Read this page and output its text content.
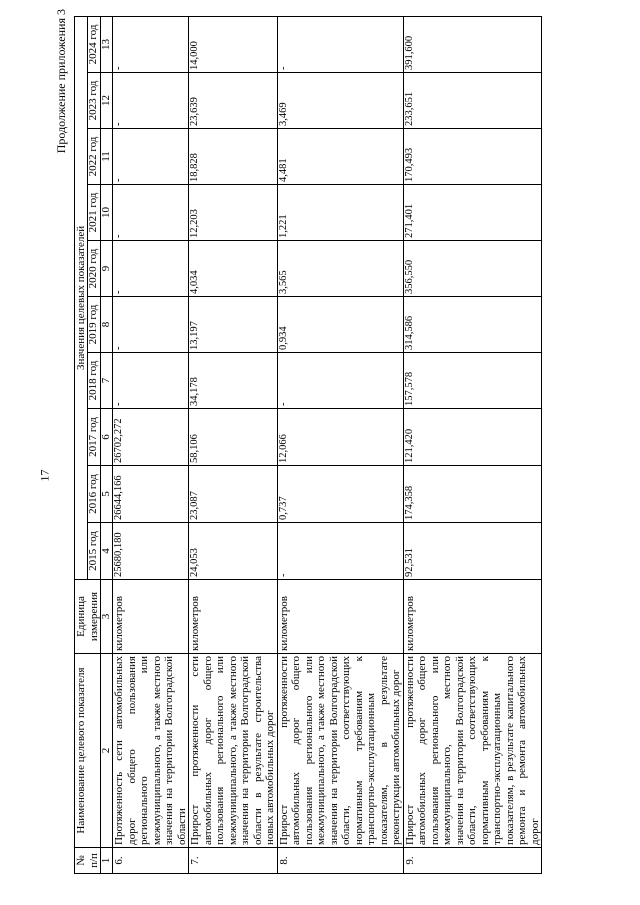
17
Продолжение приложения 3
№ п/п	Наименование целевого показателя	Единица измерения	Значения целевых показателей									
			2015 год	2016 год	2017 год	2018 год	2019 год	2020 год	2021 год	2022 год	2023 год	2024 год
1	2	3	4	5	6	7	8	9	10	11	12	13
6.	Протяженность сети автомобильных дорог общего пользования регионального или межмуниципального, а также местного значения на территории Волгоградской области	километров	25680,180	26644,166	26702,272	-	-	-	-	-	-	-
7.	Прирост протяженности сети автомобильных дорог общего пользования регионального или межмуниципального, а также местного значения на территории Волгоградской области в результате строительства новых автомобильных дорог	километров	24,053	23,087	58,106	34,178	13,197	4,034	12,203	18,828	23,639	14,000
8.	Прирост протяженности автомобильных дорог общего пользования регионального или межмуниципального, а также местного значения на территории Волгоградской области, соответствующих нормативным требованиям к транспортно-эксплуатационным показателям, в результате реконструкции автомобильных дорог	километров	-	0,737	12,066	-	0,934	3,565	1,221	4,481	3,469	-
9.	Прирост протяженности автомобильных дорог общего пользования регионального или межмуниципального, местного значения на территории Волгоградской области, соответствующих нормативным требованиям к транспортно-эксплуатационным показателям, в результате капитального ремонта и ремонта автомобильных дорог	километров	92,531	174,358	121,420	157,578	314,586	356,550	271,401	170,493	233,651	391,600
